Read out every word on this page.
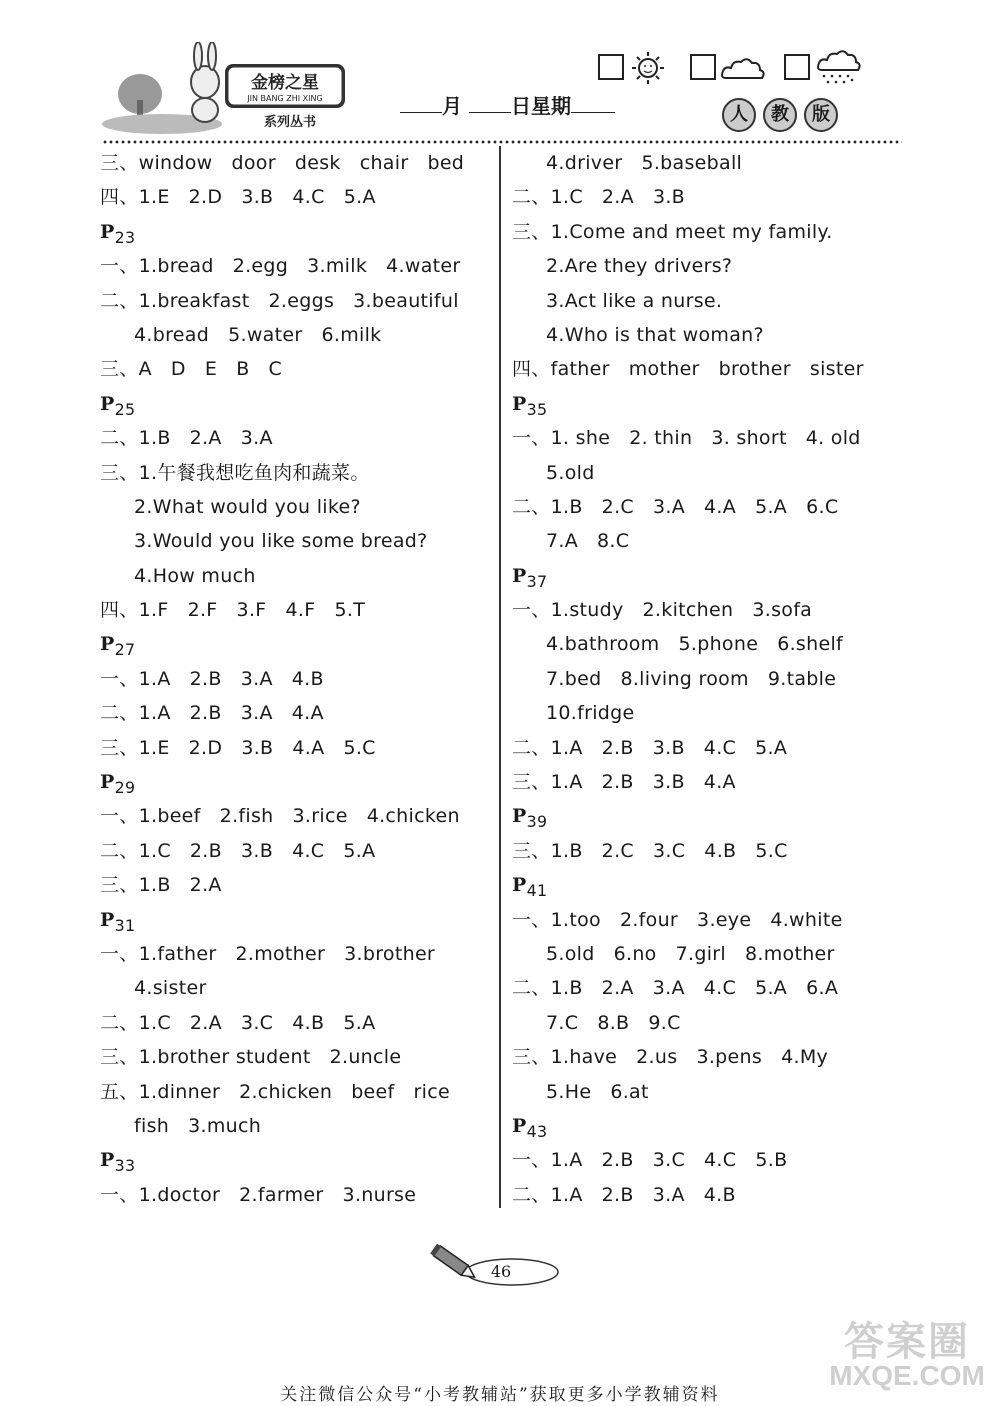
金榜之星
JIN BANG ZHI XING
系列丛书
月 日星期	人 教 版
三、window   door   desk   chair   bed
四、1.E   2.D   3.B   4.C   5.A
$P_{23}$
一、1.bread   2.egg   3.milk   4.water
二、1.breakfast   2.eggs   3.beautiful
4.bread   5.water   6.milk
三、A   D   E   B   C
$P_{25}$
二、1.B   2.A   3.A
三、1.午餐我想吃鱼肉和蔬菜。
2.What would you like?
3.Would you like some bread?
4.How much
四、1.F   2.F   3.F   4.F   5.T
$P_{27}$
一、1.A   2.B   3.A   4.B
二、1.A   2.B   3.A   4.A
三、1.E   2.D   3.B   4.A   5.C
$P_{29}$
一、1.beef   2.fish   3.rice   4.chicken
二、1.C   2.B   3.B   4.C   5.A
三、1.B   2.A
$P_{31}$
一、1.father   2.mother   3.brother
4.sister
二、1.C   2.A   3.C   4.B   5.A
三、1.brother student   2.uncle
五、1.dinner   2.chicken   beef   rice
fish   3.much
$P_{33}$
一、1.doctor   2.farmer   3.nurse
4.driver   5.baseball
二、1.C   2.A   3.B
三、1.Come and meet my family.
2.Are they drivers?
3.Act like a nurse.
4.Who is that woman?
四、father   mother   brother   sister
$P_{35}$
一、1. she   2. thin   3. short   4. old
5.old
二、1.B   2.C   3.A   4.A   5.A   6.C
7.A   8.C
$P_{37}$
一、1.study   2.kitchen   3.sofa
4.bathroom   5.phone   6.shelf
7.bed   8.living room   9.table
10.fridge
二、1.A   2.B   3.B   4.C   5.A
三、1.A   2.B   3.B   4.A
$P_{39}$
三、1.B   2.C   3.C   4.B   5.C
$P_{41}$
一、1.too   2.four   3.eye   4.white
5.old   6.no   7.girl   8.mother
二、1.B   2.A   3.A   4.C   5.A   6.A
7.C   8.B   9.C
三、1.have   2.us   3.pens   4.My
5.He   6.at
$P_{43}$
一、1.A   2.B   3.C   4.C   5.B
二、1.A   2.B   3.A   4.B
46
答案圈
MXQE.COM
关注微信公众号“小考教辅站”获取更多小学教辅资料
